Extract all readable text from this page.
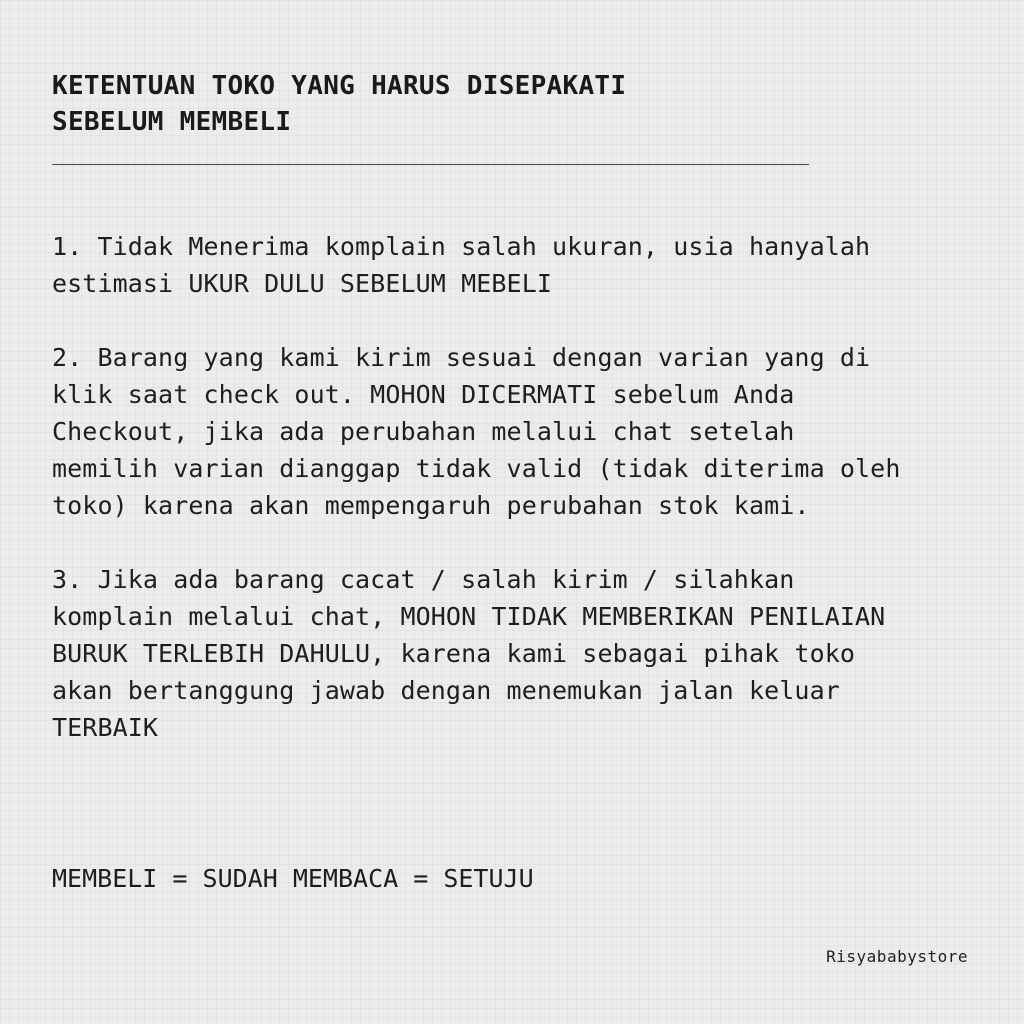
KETENTUAN TOKO YANG HARUS DISEPAKATI
SEBELUM MEMBELI

1. Tidak Menerima komplain salah ukuran, usia hanyalah
estimasi UKUR DULU SEBELUM MEBELI

2. Barang yang kami kirim sesuai dengan varian yang di
klik saat check out. MOHON DICERMATI sebelum Anda
Checkout, jika ada perubahan melalui chat setelah
memilih varian dianggap tidak valid (tidak diterima oleh
toko) karena akan mempengaruh perubahan stok kami.

3. Jika ada barang cacat / salah kirim / silahkan
komplain melalui chat, MOHON TIDAK MEMBERIKAN PENILAIAN
BURUK TERLEBIH DAHULU, karena kami sebagai pihak toko
akan bertanggung jawab dengan menemukan jalan keluar
TERBAIK

MEMBELI = SUDAH MEMBACA = SETUJU
Risyababystore
